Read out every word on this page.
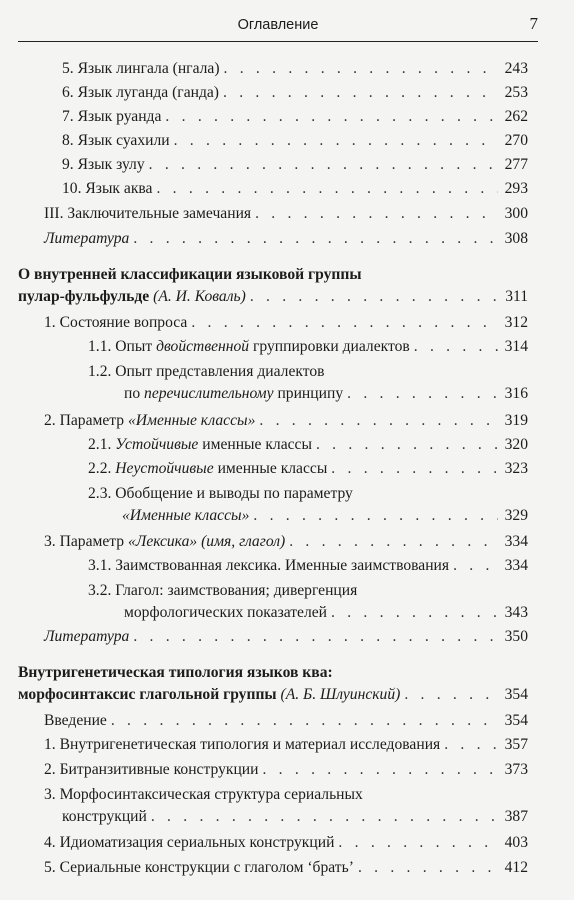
Оглавление	7
5. Язык лингала (нгала) . . .	243
6. Язык луганда (ганда) . . .	253
7. Язык руанда . . .	262
8. Язык суахили . . .	270
9. Язык зулу . . .	277
10. Язык аква . . .	293
III. Заключительные замечания . . .	300
Литература . . .	308
О внутренней классификации языковой группы
пулар-фульфульде (А. И. Коваль) . . .	311
1. Состояние вопроса . . .	312
1.1. Опыт двойственной группировки диалектов . . .	314
1.2. Опыт представления диалектов
по перечислительному принципу . . .	316
2. Параметр «Именные классы» . . .	319
2.1. Устойчивые именные классы . . .	320
2.2. Неустойчивые именные классы . . .	323
2.3. Обобщение и выводы по параметру
«Именные классы» . . .	329
3. Параметр «Лексика» (имя, глагол) . . .	334
3.1. Заимствованная лексика. Именные заимствования . . .	334
3.2. Глагол: заимствования; дивергенция
морфологических показателей . . .	343
Литература . . .	350
Внутригенетическая типология языков ква:
морфосинтаксис глагольной группы (А. Б. Шлуинский) . . .	354
Введение . . .	354
1. Внутригенетическая типология и материал исследования . . .	357
2. Битранзитивные конструкции . . .	373
3. Морфосинтаксическая структура сериальных
конструкций . . .	387
4. Идиоматизация сериальных конструкций . . .	403
5. Сериальные конструкции с глаголом ‘брать’ . . .	412
